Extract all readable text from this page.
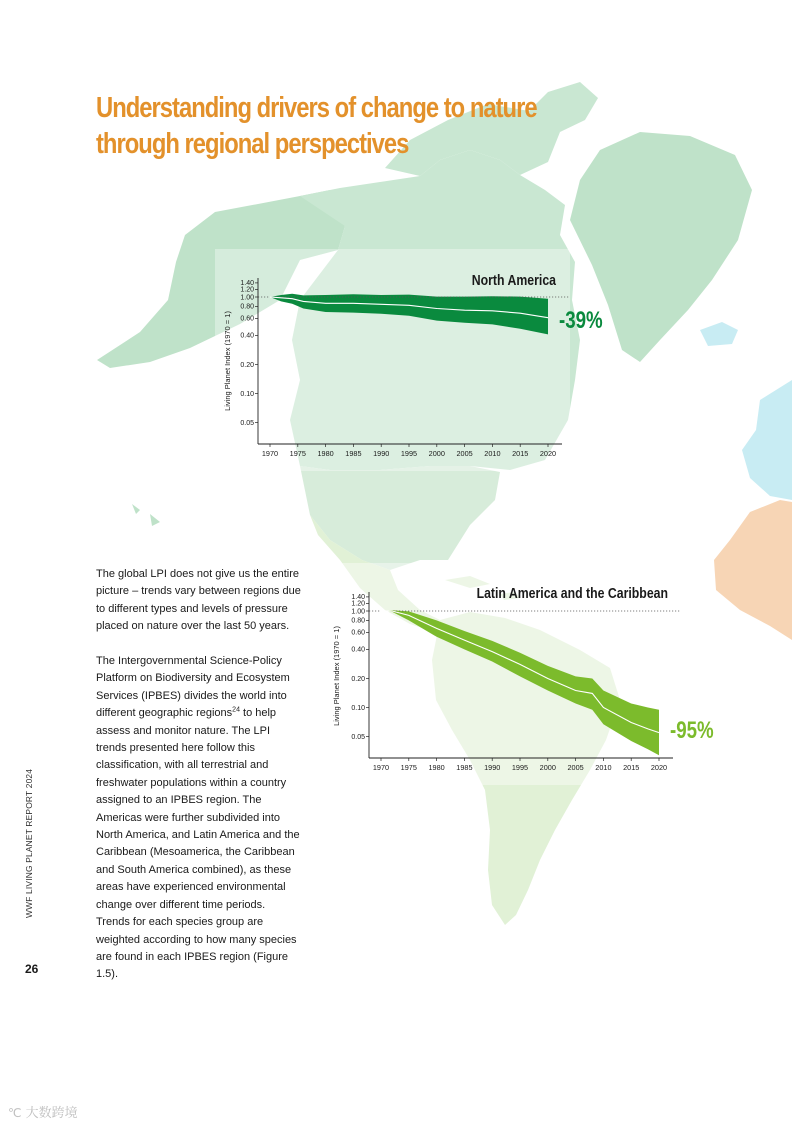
Understanding drivers of change to nature
through regional perspectives
North America
-39%
Living Planet Index (1970 = 1)
1.40
1.20
1.00
0.80
0.60
0.40
0.20
0.10
0.05
1970 1975 1980 1985 1990 1995 2000 2005 2010 2015 2020
Latin America and the Caribbean
-95%
Living Planet Index (1970 = 1)
1.40
1.20
1.00
0.80
0.60
0.40
0.20
0.10
0.05
1970 1975 1980 1985 1990 1995 2000 2005 2010 2015 2020

The global LPI does not give us the entire picture – trends vary between regions due to different types and levels of pressure placed on nature over the last 50 years.

The Intergovernmental Science-Policy Platform on Biodiversity and Ecosystem Services (IPBES) divides the world into different geographic regions$^{24}$ to help assess and monitor nature. The LPI trends presented here follow this classification, with all terrestrial and freshwater populations within a country assigned to an IPBES region. The Americas were further subdivided into North America, and Latin America and the Caribbean (Mesoamerica, the Caribbean and South America combined), as these areas have experienced environmental change over different time periods. Trends for each species group are weighted according to how many species are found in each IPBES region (Figure 1.5).

WWF LIVING PLANET REPORT 2024
26
℃ 大数跨境
